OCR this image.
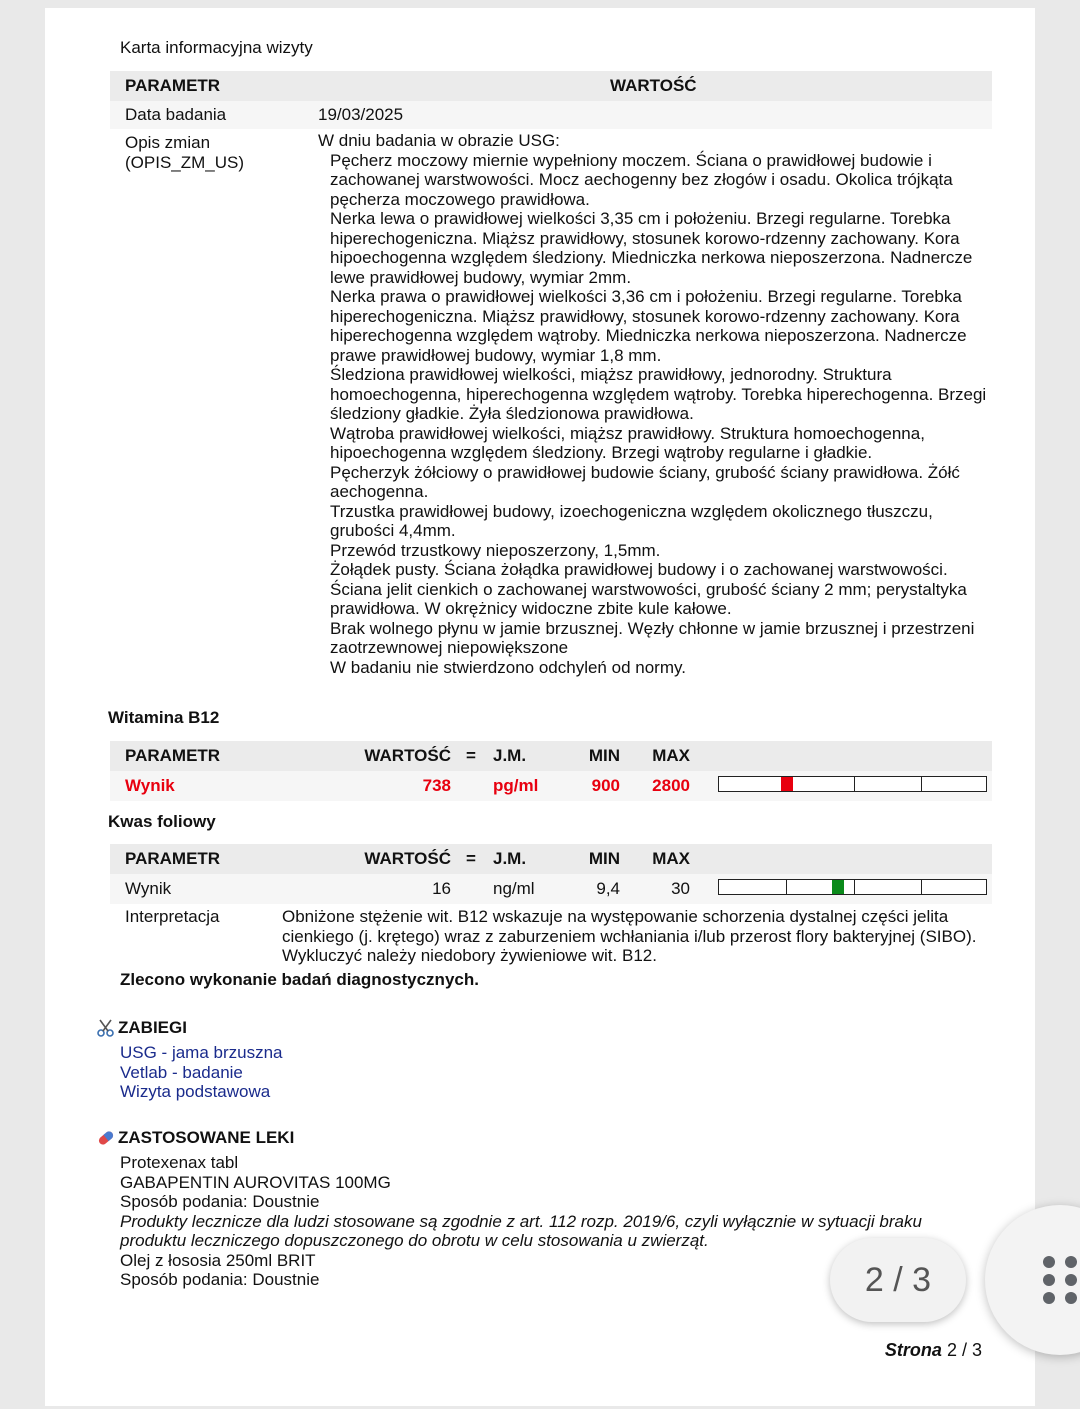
Karta informacyjna wizyty
PARAMETR	WARTOŚĆ
Data badania	19/03/2025
Opis zmian (OPIS_ZM_US)
W dniu badania w obrazie USG:

Pęcherz moczowy miernie wypełniony moczem. Ściana o prawidłowej budowie i zachowanej warstwowości. Mocz aechogenny bez złogów i osadu. Okolica trójkąta pęcherza moczowego prawidłowa.

Nerka lewa o prawidłowej wielkości 3,35 cm i położeniu. Brzegi regularne. Torebka hiperechogeniczna. Miąższ prawidłowy, stosunek korowo-rdzenny zachowany. Kora hipoechogenna względem śledziony. Miedniczka nerkowa nieposzerzona. Nadnercze lewe prawidłowej budowy, wymiar 2mm.

Nerka prawa o prawidłowej wielkości 3,36 cm i położeniu. Brzegi regularne. Torebka hiperechogeniczna. Miąższ prawidłowy, stosunek korowo-rdzenny zachowany. Kora hiperechogenna względem wątroby. Miedniczka nerkowa nieposzerzona. Nadnercze prawe prawidłowej budowy, wymiar 1,8 mm.

Śledziona prawidłowej wielkości, miąższ prawidłowy, jednorodny. Struktura homoechogenna, hiperechogenna względem wątroby. Torebka hiperechogenna. Brzegi śledziony gładkie. Żyła śledzionowa prawidłowa.

Wątroba prawidłowej wielkości, miąższ prawidłowy. Struktura homoechogenna, hipoechogenna względem śledziony. Brzegi wątroby regularne i gładkie.

Pęcherzyk żółciowy o prawidłowej budowie ściany, grubość ściany prawidłowa. Żółć aechogenna.

Trzustka prawidłowej budowy, izoechogeniczna względem okolicznego tłuszczu, grubości 4,4mm.

Przewód trzustkowy nieposzerzony, 1,5mm.

Żołądek pusty. Ściana żołądka prawidłowej budowy i o zachowanej warstwowości.

Ściana jelit cienkich o zachowanej warstwowości, grubość ściany 2 mm; perystaltyka prawidłowa. W okrężnicy widoczne zbite kule kałowe.

Brak wolnego płynu w jamie brzusznej. Węzły chłonne w jamie brzusznej i przestrzeni zaotrzewnowej niepowiększone

W badaniu nie stwierdzono odchyleń od normy.

Witamina B12
PARAMETR	WARTOŚĆ = J.M.	MIN MAX
Wynik	738 pg/ml	900 2800
Kwas foliowy
PARAMETR	WARTOŚĆ = J.M.	MIN MAX
Wynik	16 ng/ml	9,4	30
Interpretacja	Obniżone stężenie wit. B12 wskazuje na występowanie schorzenia dystalnej części jelita cienkiego (j. krętego) wraz z zaburzeniem wchłaniania i/lub przerost flory bakteryjnej (SIBO). Wykluczyć należy niedobory żywieniowe wit. B12.
Zlecono wykonanie badań diagnostycznych.
ZABIEGI
USG - jama brzuszna
Vetlab - badanie
Wizyta podstawowa
ZASTOSOWANE LEKI
Protexenax tabl
GABAPENTIN AUROVITAS 100MG
Sposób podania: Doustnie
Produkty lecznicze dla ludzi stosowane są zgodnie z art. 112 rozp. 2019/6, czyli wyłącznie w sytuacji braku produktu leczniczego dopuszczonego do obrotu w celu stosowania u zwierząt.
Olej z łososia 250ml BRIT
Sposób podania: Doustnie
Strona 2 / 3
2 / 3
